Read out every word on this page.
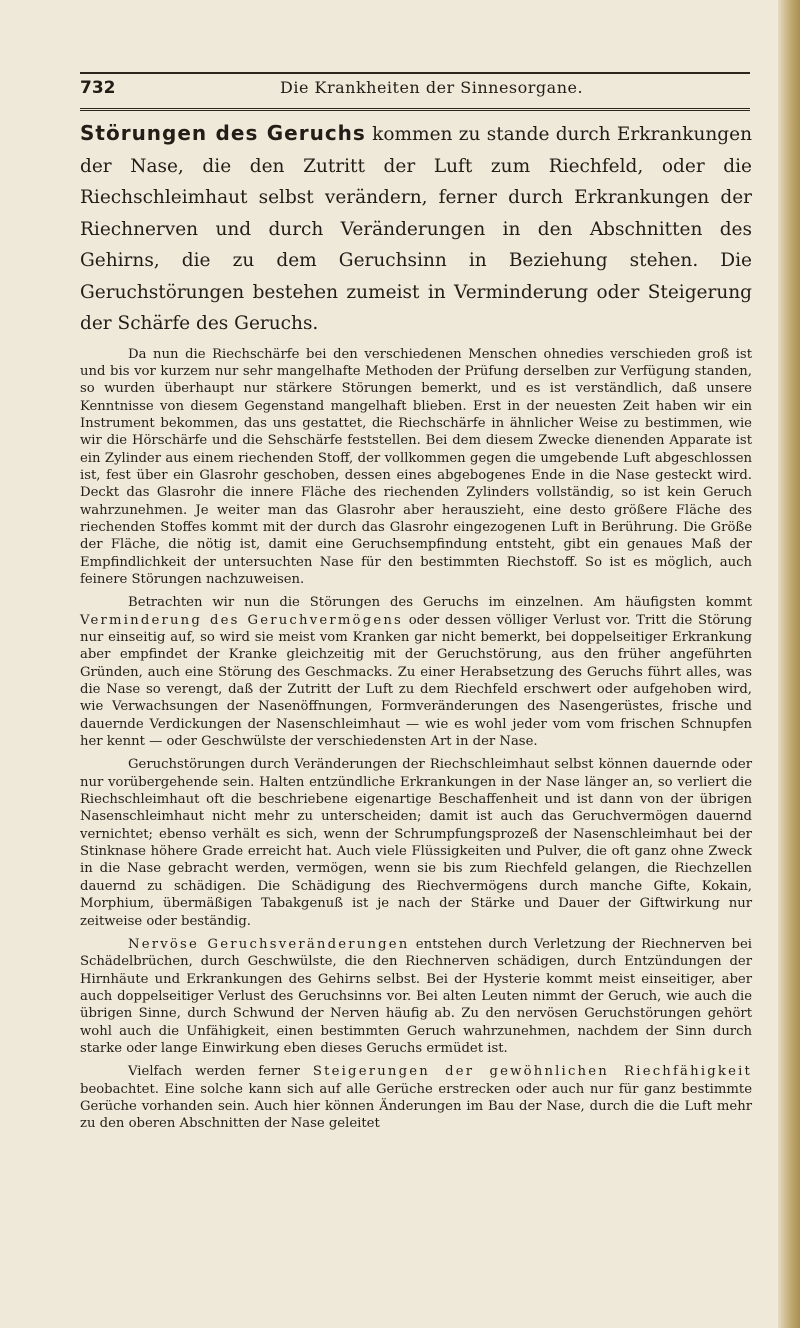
732	Die Krankheiten der Sinnesorgane.

Störungen des Geruchs kommen zu stande durch Erkrankungen der Nase, die den Zutritt der Luft zum Riechfeld, oder die Riechschleimhaut selbst verändern, ferner durch Erkrankungen der Riechnerven und durch Veränderungen in den Abschnitten des Gehirns, die zu dem Geruchsinn in Beziehung stehen. Die Geruchstörungen bestehen zumeist in Verminderung oder Steigerung der Schärfe des Geruchs.

Da nun die Riechschärfe bei den verschiedenen Menschen ohnedies verschieden groß ist und bis vor kurzem nur sehr mangelhafte Methoden der Prüfung derselben zur Verfügung standen, so wurden überhaupt nur stärkere Störungen bemerkt, und es ist verständlich, daß unsere Kenntnisse von diesem Gegenstand mangelhaft blieben. Erst in der neuesten Zeit haben wir ein Instrument bekommen, das uns gestattet, die Riechschärfe in ähnlicher Weise zu bestimmen, wie wir die Hörschärfe und die Sehschärfe feststellen. Bei dem diesem Zwecke dienenden Apparate ist ein Zylinder aus einem riechenden Stoff, der vollkommen gegen die umgebende Luft abgeschlossen ist, fest über ein Glasrohr geschoben, dessen eines abgebogenes Ende in die Nase gesteckt wird. Deckt das Glasrohr die innere Fläche des riechenden Zylinders vollständig, so ist kein Geruch wahrzunehmen. Je weiter man das Glasrohr aber herauszieht, eine desto größere Fläche des riechenden Stoffes kommt mit der durch das Glasrohr eingezogenen Luft in Berührung. Die Größe der Fläche, die nötig ist, damit eine Geruchsempfindung entsteht, gibt ein genaues Maß der Empfindlichkeit der untersuchten Nase für den bestimmten Riechstoff. So ist es möglich, auch feinere Störungen nachzuweisen.

Betrachten wir nun die Störungen des Geruchs im einzelnen. Am häufigsten kommt Verminderung des Geruchvermögens oder dessen völliger Verlust vor. Tritt die Störung nur einseitig auf, so wird sie meist vom Kranken gar nicht bemerkt, bei doppelseitiger Erkrankung aber empfindet der Kranke gleichzeitig mit der Geruchstörung, aus den früher angeführten Gründen, auch eine Störung des Geschmacks. Zu einer Herabsetzung des Geruchs führt alles, was die Nase so verengt, daß der Zutritt der Luft zu dem Riechfeld erschwert oder aufgehoben wird, wie Verwachsungen der Nasenöffnungen, Formveränderungen des Nasengerüstes, frische und dauernde Verdickungen der Nasenschleimhaut — wie es wohl jeder vom vom frischen Schnupfen her kennt — oder Geschwülste der verschiedensten Art in der Nase.

Geruchstörungen durch Veränderungen der Riechschleimhaut selbst können dauernde oder nur vorübergehende sein. Halten entzündliche Erkrankungen in der Nase länger an, so verliert die Riechschleimhaut oft die beschriebene eigenartige Beschaffenheit und ist dann von der übrigen Nasenschleimhaut nicht mehr zu unterscheiden; damit ist auch das Geruchvermögen dauernd vernichtet; ebenso verhält es sich, wenn der Schrumpfungsprozeß der Nasenschleimhaut bei der Stinknase höhere Grade erreicht hat. Auch viele Flüssigkeiten und Pulver, die oft ganz ohne Zweck in die Nase gebracht werden, vermögen, wenn sie bis zum Riechfeld gelangen, die Riechzellen dauernd zu schädigen. Die Schädigung des Riechvermögens durch manche Gifte, Kokain, Morphium, übermäßigen Tabakgenuß ist je nach der Stärke und Dauer der Giftwirkung nur zeitweise oder beständig.

Nervöse Geruchsveränderungen entstehen durch Verletzung der Riechnerven bei Schädelbrüchen, durch Geschwülste, die den Riechnerven schädigen, durch Entzündungen der Hirnhäute und Erkrankungen des Gehirns selbst. Bei der Hysterie kommt meist einseitiger, aber auch doppelseitiger Verlust des Geruchsinns vor. Bei alten Leuten nimmt der Geruch, wie auch die übrigen Sinne, durch Schwund der Nerven häufig ab. Zu den nervösen Geruchstörungen gehört wohl auch die Unfähigkeit, einen bestimmten Geruch wahrzunehmen, nachdem der Sinn durch starke oder lange Einwirkung eben dieses Geruchs ermüdet ist.

Vielfach werden ferner Steigerungen der gewöhnlichen Riechfähigkeit beobachtet. Eine solche kann sich auf alle Gerüche erstrecken oder auch nur für ganz bestimmte Gerüche vorhanden sein. Auch hier können Änderungen im Bau der Nase, durch die die Luft mehr zu den oberen Abschnitten der Nase geleitet
